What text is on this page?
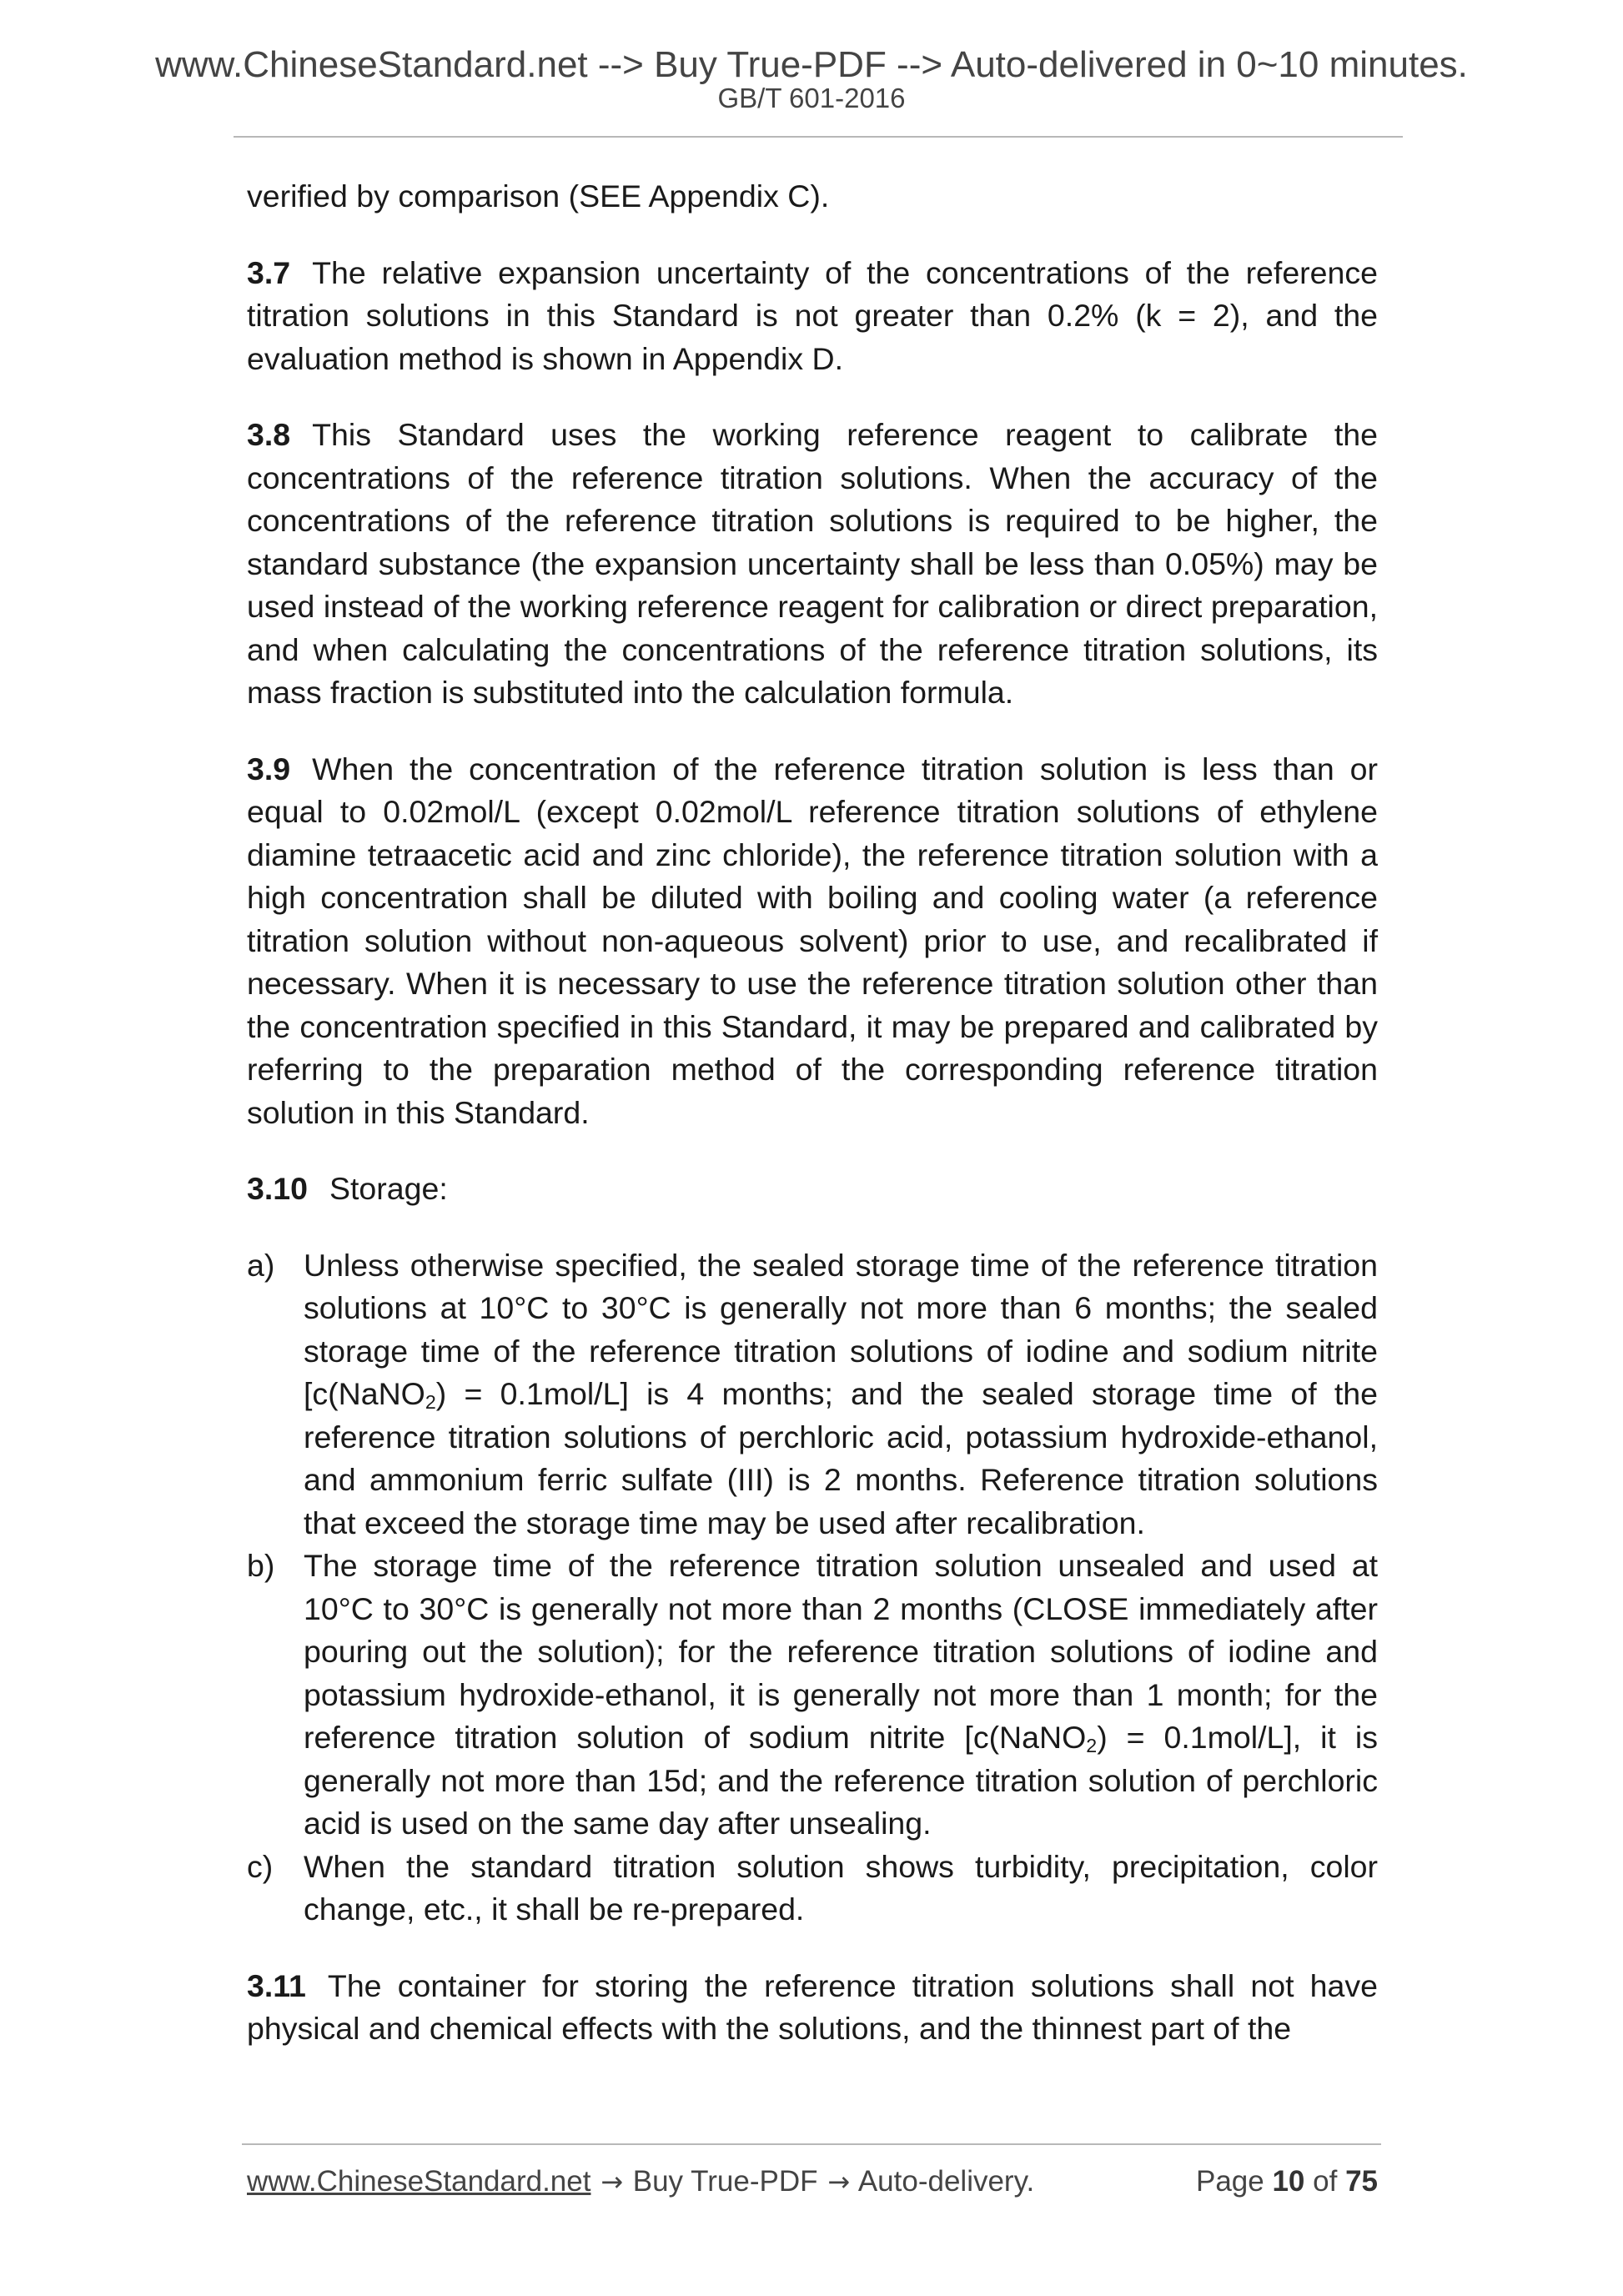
www.ChineseStandard.net --> Buy True-PDF --> Auto-delivered in 0~10 minutes.
GB/T 601-2016

verified by comparison (SEE Appendix C).

3.7 The relative expansion uncertainty of the concentrations of the reference titration solutions in this Standard is not greater than 0.2% (k = 2), and the evaluation method is shown in Appendix D.

3.8 This Standard uses the working reference reagent to calibrate the concentrations of the reference titration solutions. When the accuracy of the concentrations of the reference titration solutions is required to be higher, the standard substance (the expansion uncertainty shall be less than 0.05%) may be used instead of the working reference reagent for calibration or direct preparation, and when calculating the concentrations of the reference titration solutions, its mass fraction is substituted into the calculation formula.

3.9 When the concentration of the reference titration solution is less than or equal to 0.02mol/L (except 0.02mol/L reference titration solutions of ethylene diamine tetraacetic acid and zinc chloride), the reference titration solution with a high concentration shall be diluted with boiling and cooling water (a reference titration solution without non-aqueous solvent) prior to use, and recalibrated if necessary. When it is necessary to use the reference titration solution other than the concentration specified in this Standard, it may be prepared and calibrated by referring to the preparation method of the corresponding reference titration solution in this Standard.

3.10 Storage:

a) Unless otherwise specified, the sealed storage time of the reference titration solutions at 10°C to 30°C is generally not more than 6 months; the sealed storage time of the reference titration solutions of iodine and sodium nitrite [c(NaNO$_2$) = 0.1mol/L] is 4 months; and the sealed storage time of the reference titration solutions of perchloric acid, potassium hydroxide-ethanol, and ammonium ferric sulfate (III) is 2 months. Reference titration solutions that exceed the storage time may be used after recalibration.
b) The storage time of the reference titration solution unsealed and used at 10°C to 30°C is generally not more than 2 months (CLOSE immediately after pouring out the solution); for the reference titration solutions of iodine and potassium hydroxide-ethanol, it is generally not more than 1 month; for the reference titration solution of sodium nitrite [c(NaNO$_2$) = 0.1mol/L], it is generally not more than 15d; and the reference titration solution of perchloric acid is used on the same day after unsealing.
c) When the standard titration solution shows turbidity, precipitation, color change, etc., it shall be re-prepared.

3.11 The container for storing the reference titration solutions shall not have physical and chemical effects with the solutions, and the thinnest part of the

www.ChineseStandard.net → Buy True-PDF → Auto-delivery.	Page 10 of 75
